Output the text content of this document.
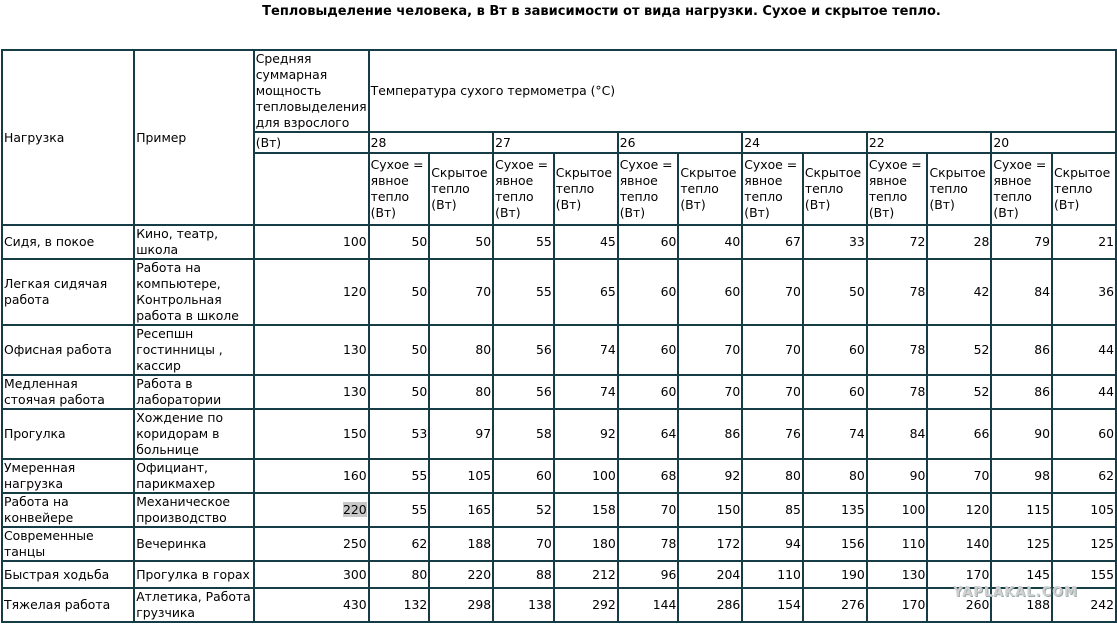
Тепловыделение человека, в Вт в зависимости от вида нагрузки. Сухое и скрытое тепло.
Нагрузка	Пример	Средняя суммарная мощность тепловыделения для взрослого	Температура сухого термометра (°C)											
		(Вт)	28		27		26		24		22		20	
			Сухое = явное тепло (Вт)	Скрытое тепло (Вт)	Сухое = явное тепло (Вт)	Скрытое тепло (Вт)	Сухое = явное тепло (Вт)	Скрытое тепло (Вт)	Сухое = явное тепло (Вт)	Скрытое тепло (Вт)	Сухое = явное тепло (Вт)	Скрытое тепло (Вт)	Сухое = явное тепло (Вт)	Скрытое тепло (Вт)
Сидя, в покое	Кино, театр, школа	100	50	50	55	45	60	40	67	33	72	28	79	21
Легкая сидячая работа	Работа на компьютере, Контрольная работа в школе	120	50	70	55	65	60	60	70	50	78	42	84	36
Офисная работа	Ресепшн гостинницы , кассир	130	50	80	56	74	60	70	70	60	78	52	86	44
Медленная стоячая работа	Работа в лаборатории	130	50	80	56	74	60	70	70	60	78	52	86	44
Прогулка	Хождение по коридорам в больнице	150	53	97	58	92	64	86	76	74	84	66	90	60
Умеренная нагрузка	Официант, парикмахер	160	55	105	60	100	68	92	80	80	90	70	98	62
Работа на конвейере	Механическое производство	220	55	165	52	158	70	150	85	135	100	120	115	105
Современные танцы	Вечеринка	250	62	188	70	180	78	172	94	156	110	140	125	125
Быстрая ходьба	Прогулка в горах	300	80	220	88	212	96	204	110	190	130	170	145	155
Тяжелая работа	Атлетика, Работа грузчика	430	132	298	138	292	144	286	154	276	170	260	188	242
YAPLAKAL.COM
